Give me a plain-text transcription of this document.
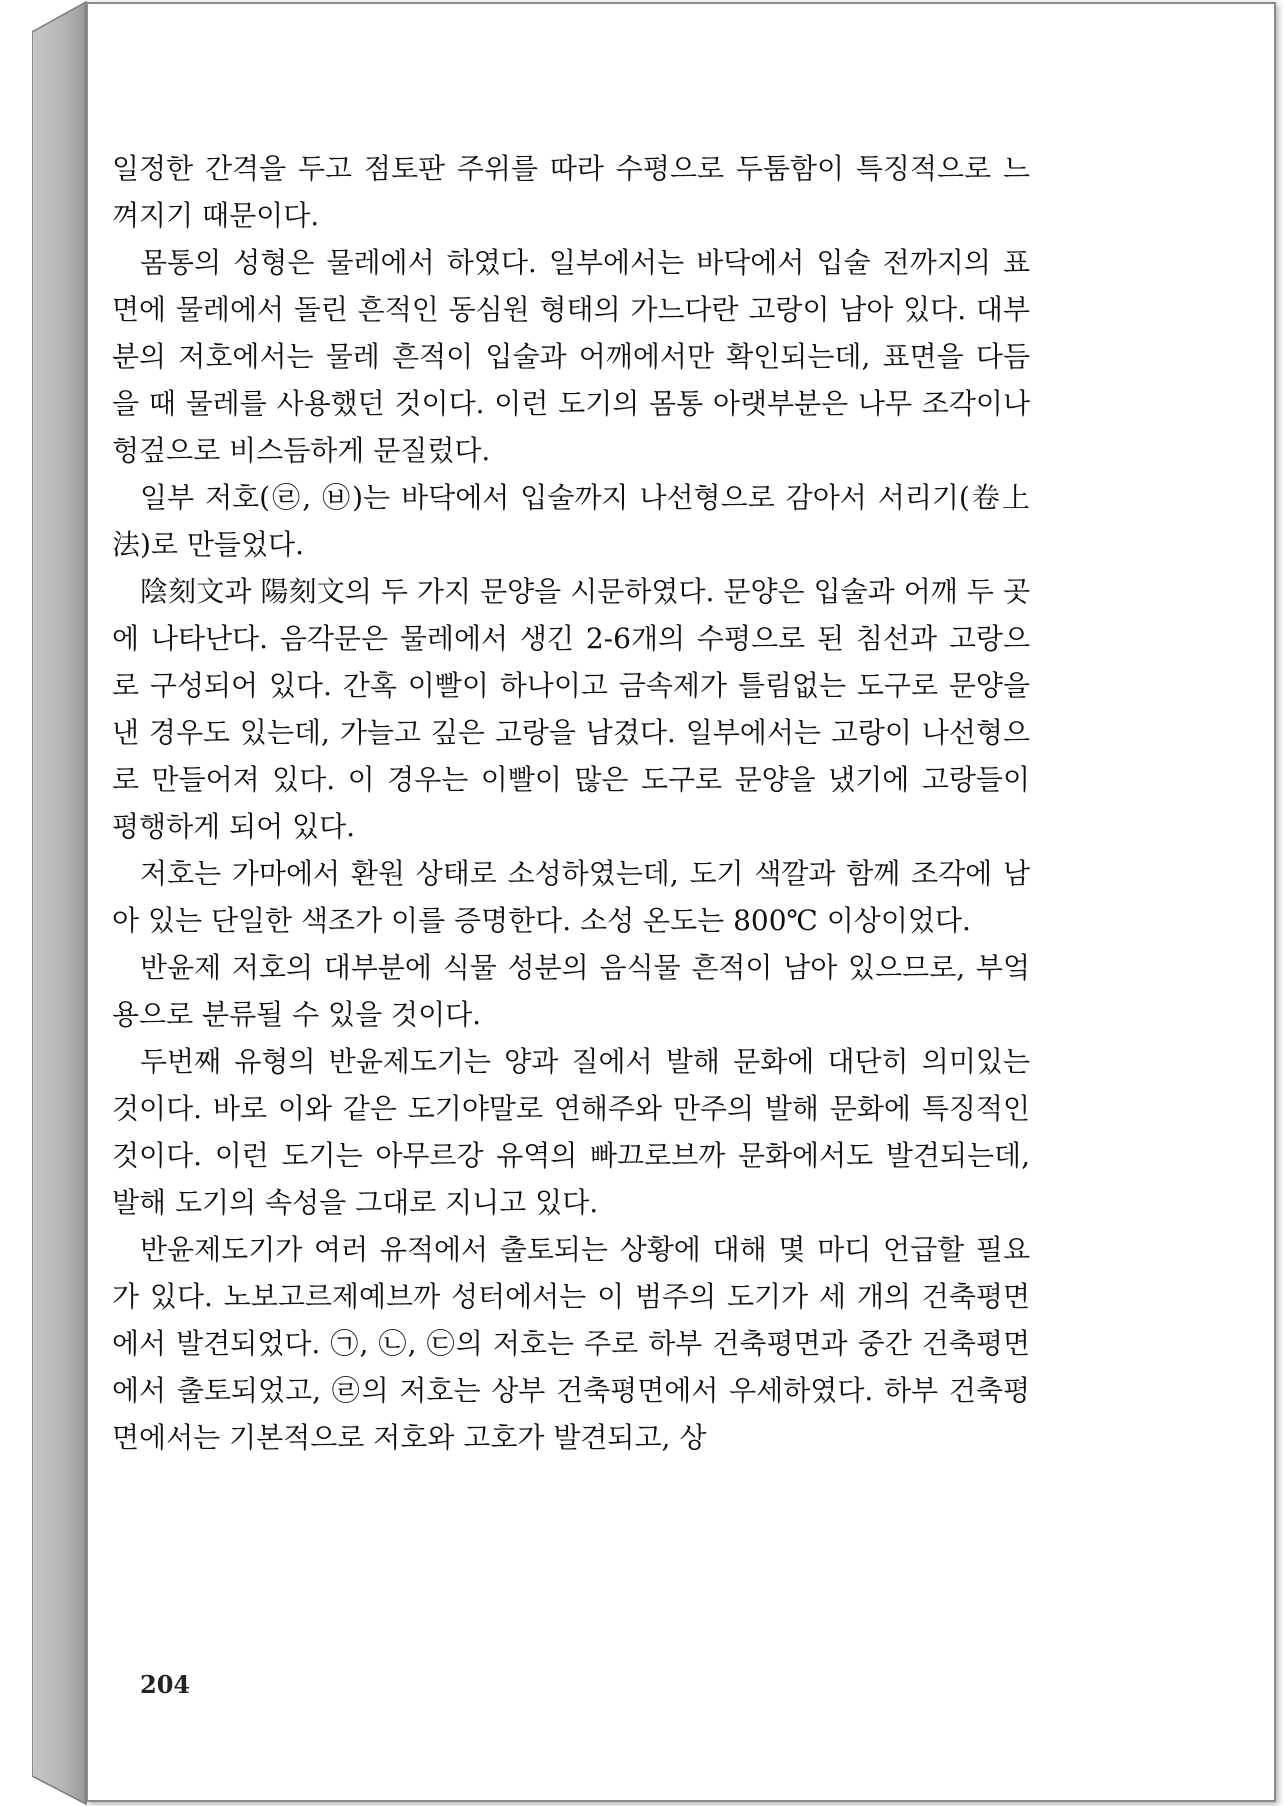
일정한 간격을 두고 점토판 주위를 따라 수평으로 두툼함이 특징적으로 느껴지기 때문이다.

몸통의 성형은 물레에서 하였다. 일부에서는 바닥에서 입술 전까지의 표면에 물레에서 돌린 흔적인 동심원 형태의 가느다란 고랑이 남아 있다. 대부분의 저호에서는 물레 흔적이 입술과 어깨에서만 확인되는데, 표면을 다듬을 때 물레를 사용했던 것이다. 이런 도기의 몸통 아랫부분은 나무 조각이나 헝겊으로 비스듬하게 문질렀다.

일부 저호(㉣, ㉥)는 바닥에서 입술까지 나선형으로 감아서 서리기(卷上法)로 만들었다.

陰刻文과 陽刻文의 두 가지 문양을 시문하였다. 문양은 입술과 어깨 두 곳에 나타난다. 음각문은 물레에서 생긴 2-6개의 수평으로 된 침선과 고랑으로 구성되어 있다. 간혹 이빨이 하나이고 금속제가 틀림없는 도구로 문양을 낸 경우도 있는데, 가늘고 깊은 고랑을 남겼다. 일부에서는 고랑이 나선형으로 만들어져 있다. 이 경우는 이빨이 많은 도구로 문양을 냈기에 고랑들이 평행하게 되어 있다.

저호는 가마에서 환원 상태로 소성하였는데, 도기 색깔과 함께 조각에 남아 있는 단일한 색조가 이를 증명한다. 소성 온도는 800℃ 이상이었다.

반윤제 저호의 대부분에 식물 성분의 음식물 흔적이 남아 있으므로, 부엌용으로 분류될 수 있을 것이다.

두번째 유형의 반윤제도기는 양과 질에서 발해 문화에 대단히 의미있는 것이다. 바로 이와 같은 도기야말로 연해주와 만주의 발해 문화에 특징적인 것이다. 이런 도기는 아무르강 유역의 빠끄로브까 문화에서도 발견되는데, 발해 도기의 속성을 그대로 지니고 있다.

반윤제도기가 여러 유적에서 출토되는 상황에 대해 몇 마디 언급할 필요가 있다. 노보고르제예브까 성터에서는 이 범주의 도기가 세 개의 건축평면에서 발견되었다. ㉠, ㉡, ㉢의 저호는 주로 하부 건축평면과 중간 건축평면에서 출토되었고, ㉣의 저호는 상부 건축평면에서 우세하였다. 하부 건축평면에서는 기본적으로 저호와 고호가 발견되고, 상

204
